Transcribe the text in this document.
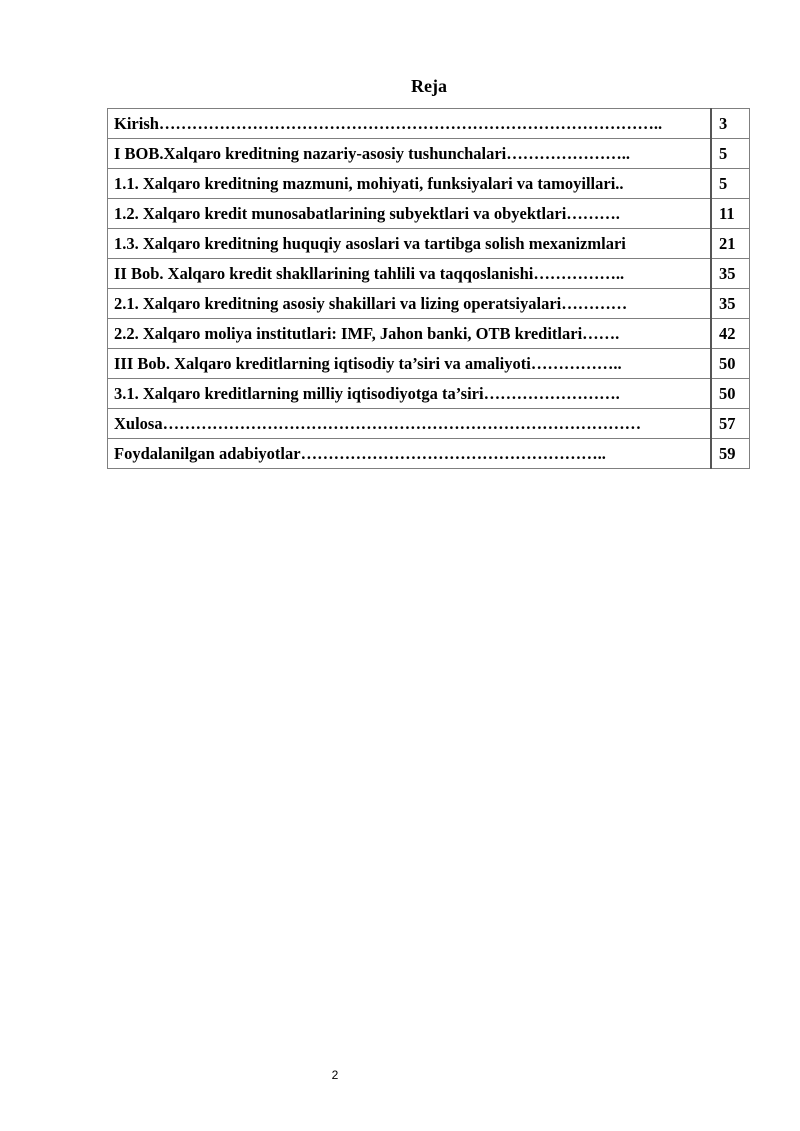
Reja
Kirish………………………………………………………………………………..	3
I BOB.Xalqaro kreditning nazariy-asosiy tushunchalari…………………..	5
1.1. Xalqaro kreditning mazmuni, mohiyati, funksiyalari va tamoyillari..	5
1.2. Xalqaro kredit munosabatlarining subyektlari va obyektlari……….	11
1.3. Xalqaro kreditning huquqiy asoslari va tartibga solish mexanizmlari	21
II Bob. Xalqaro kredit shakllarining tahlili va taqqoslanishi……………..	35
2.1. Xalqaro kreditning asosiy shakillari va lizing operatsiyalari…………	35
2.2. Xalqaro moliya institutlari: IMF, Jahon banki, OTB kreditlari…….	42
III Bob. Xalqaro kreditlarning iqtisodiy ta’siri va amaliyoti……………..	50
3.1. Xalqaro kreditlarning milliy iqtisodiyotga ta’siri…………………….	50
Xulosa……………………………………………………………………………	57
Foydalanilgan adabiyotlar………………………………………………..	59
2
